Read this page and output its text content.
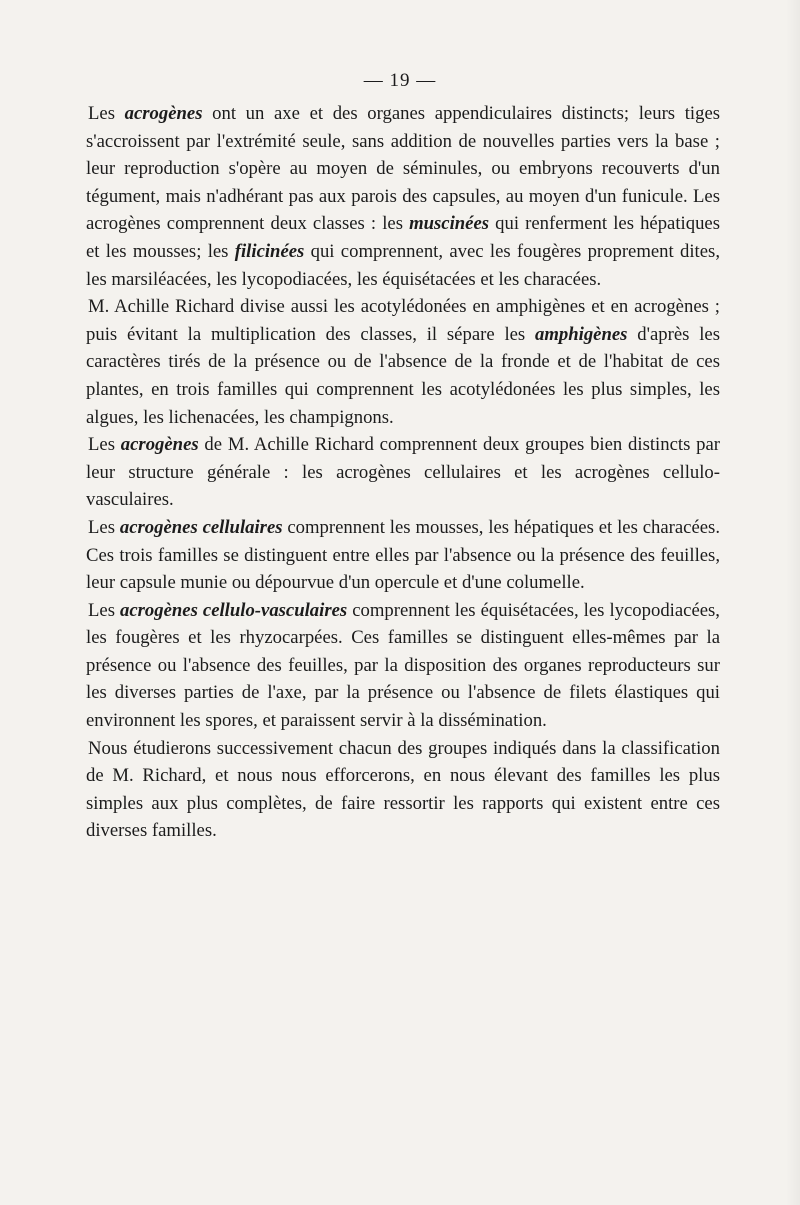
— 19 —

Les acrogènes ont un axe et des organes appendiculaires distincts; leurs tiges s'accroissent par l'extrémité seule, sans addition de nouvelles parties vers la base ; leur reproduction s'opère au moyen de séminules, ou embryons recouverts d'un tégument, mais n'adhérant pas aux parois des capsules, au moyen d'un funicule. Les acrogènes comprennent deux classes : les muscinées qui renferment les hépatiques et les mousses; les filicinées qui comprennent, avec les fougères proprement dites, les marsiléacées, les lycopodiacées, les équisétacées et les characées.

M. Achille Richard divise aussi les acotylédonées en amphigènes et en acrogènes ; puis évitant la multiplication des classes, il sépare les amphigènes d'après les caractères tirés de la présence ou de l'absence de la fronde et de l'habitat de ces plantes, en trois familles qui comprennent les acotylédonées les plus simples, les algues, les lichenacées, les champignons.

Les acrogènes de M. Achille Richard comprennent deux groupes bien distincts par leur structure générale : les acrogènes cellulaires et les acrogènes cellulo-vasculaires.

Les acrogènes cellulaires comprennent les mousses, les hépatiques et les characées. Ces trois familles se distinguent entre elles par l'absence ou la présence des feuilles, leur capsule munie ou dépourvue d'un opercule et d'une columelle.

Les acrogènes cellulo-vasculaires comprennent les équisétacées, les lycopodiacées, les fougères et les rhyzocarpées. Ces familles se distinguent elles-mêmes par la présence ou l'absence des feuilles, par la disposition des organes reproducteurs sur les diverses parties de l'axe, par la présence ou l'absence de filets élastiques qui environnent les spores, et paraissent servir à la dissémination.

Nous étudierons successivement chacun des groupes indiqués dans la classification de M. Richard, et nous nous efforcerons, en nous élevant des familles les plus simples aux plus complètes, de faire ressortir les rapports qui existent entre ces diverses familles.
